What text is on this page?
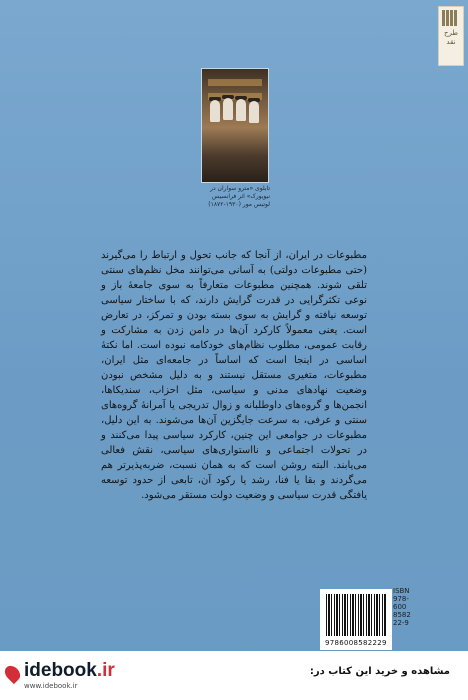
طرح نقد
تابلوی «مترو سواران در نیویورک» اثر فرانسیس لوتیس مور (۱۹۳۰-۱۸۷۲)
مطبوعات در ایران، از آنجا که جانب تحول و ارتباط را می‌گیرند (حتی مطبوعات دولتی) به آسانی می‌توانند مخل نظم‌های سنتی تلقی شوند. همچنین مطبوعات متعارفاً به سوی جامعهٔ باز و نوعی تکثرگرایی در قدرت گرایش دارند، که با ساختار سیاسی توسعه نیافته و گرایش به سوی بسته بودن و تمرکز، در تعارض است. یعنی معمولاً کارکرد آن‌ها در دامن زدن به مشارکت و رقابت عمومی، مطلوب نظام‌های خودکامه نبوده است. اما نکتهٔ اساسی در اینجا است که اساساً در جامعه‌ای مثل ایران، مطبوعات، متغیری مستقل نیستند و به دلیل مشخص نبودن وضعیت نهادهای مدنی و سیاسی، مثل احزاب، سندیکاها، انجمن‌ها و گروه‌های داوطلبانه و زوال تدریجی یا آمرانهٔ گروه‌های سنتی و عرفی، به سرعت جایگزین آن‌ها می‌شوند. به این دلیل، مطبوعات در جوامعی این چنین، کارکرد سیاسی پیدا می‌کنند و در تحولات اجتماعی و نااستواری‌های سیاسی، نقش فعالی می‌یابند. البته روشن است که به همان نسبت، ضربه‌پذیرتر هم می‌گردند و بقا یا فنا، رشد یا رکود آن، تابعی از حدود توسعه یافتگی قدرت سیاسی و وضعیت دولت مستقر می‌شود.
ISBN
978-600
8582
22-9
9786008582229
idebook.ir	مشاهده و خرید این کتاب در:
www.idebook.ir
